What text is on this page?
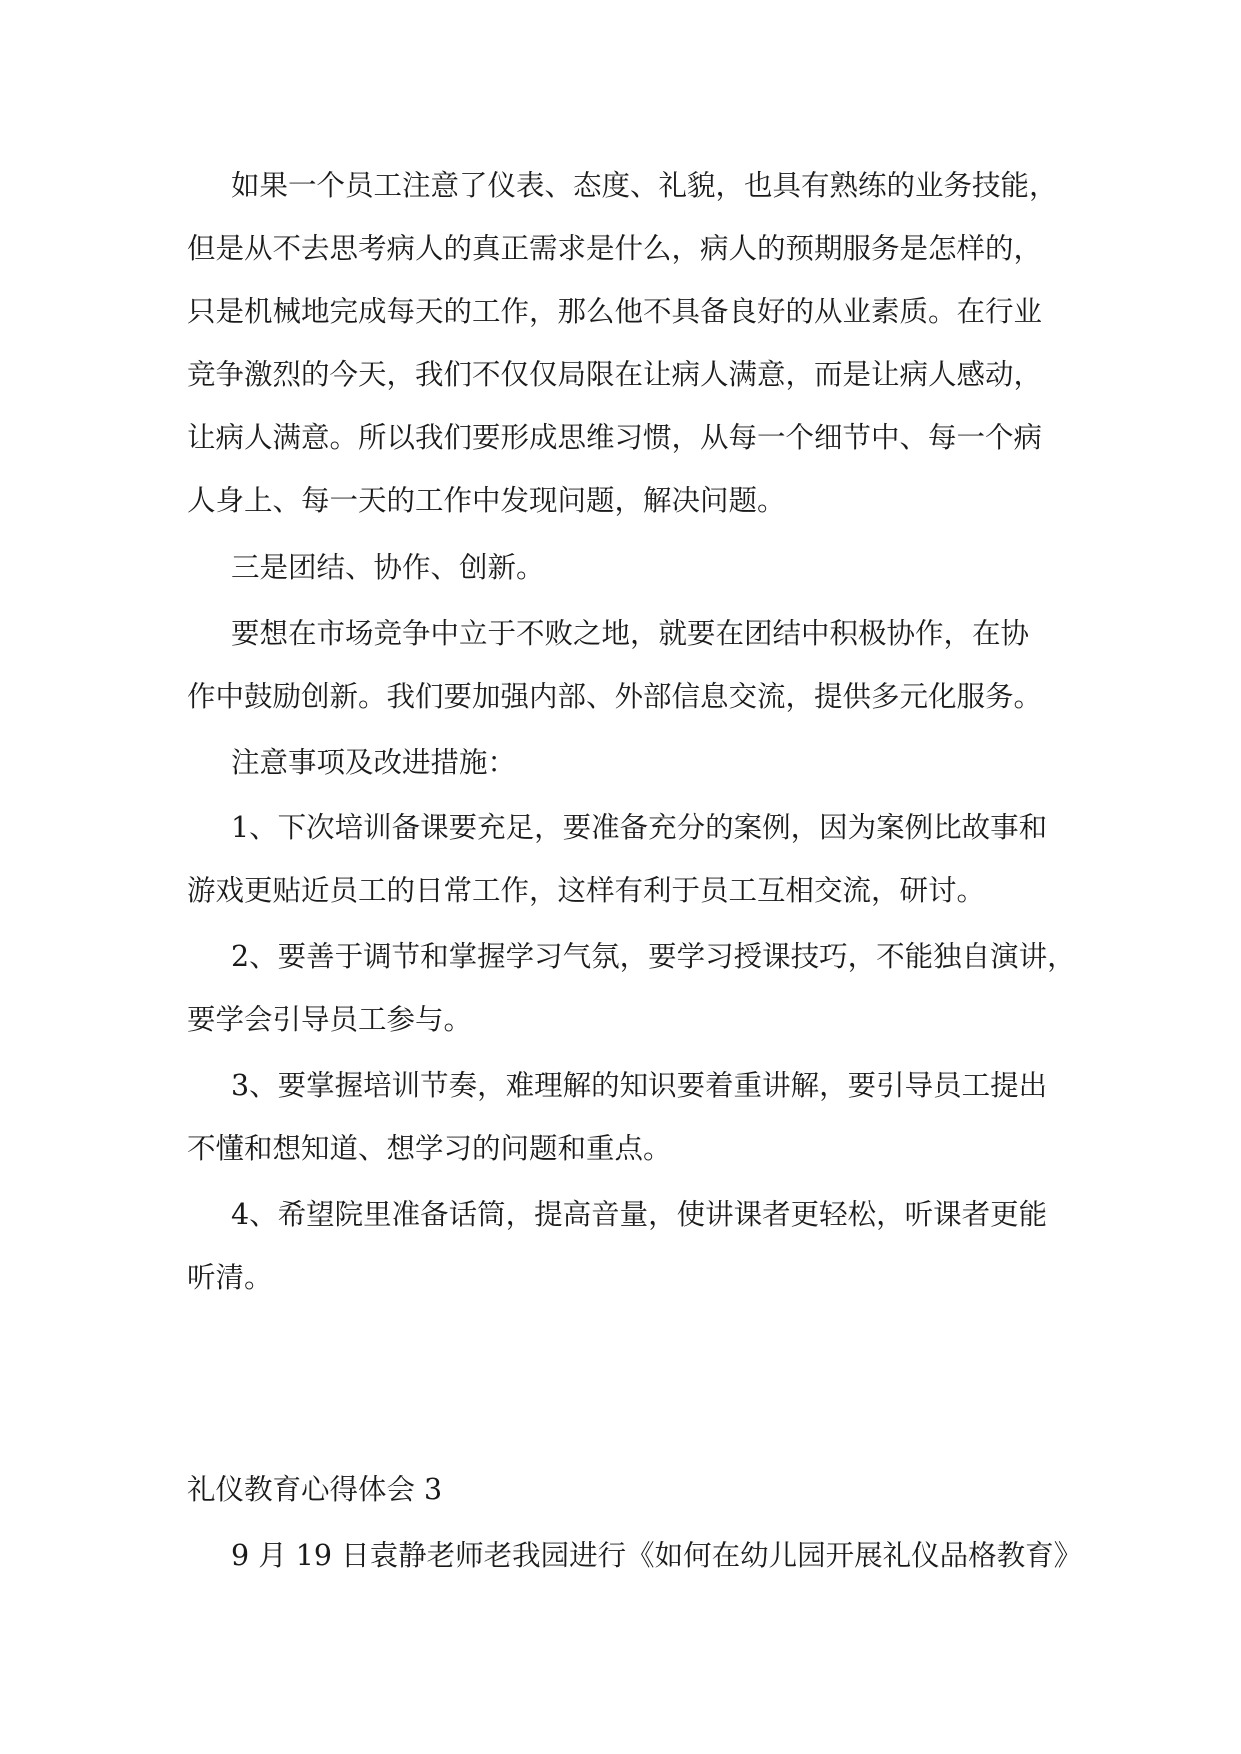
如果一个员工注意了仪表、态度、礼貌，也具有熟练的业务技能，
但是从不去思考病人的真正需求是什么，病人的预期服务是怎样的，
只是机械地完成每天的工作，那么他不具备良好的从业素质。在行业
竞争激烈的今天，我们不仅仅局限在让病人满意，而是让病人感动，
让病人满意。所以我们要形成思维习惯，从每一个细节中、每一个病
人身上、每一天的工作中发现问题，解决问题。
三是团结、协作、创新。
要想在市场竞争中立于不败之地，就要在团结中积极协作，在协
作中鼓励创新。我们要加强内部、外部信息交流，提供多元化服务。
注意事项及改进措施：
1、下次培训备课要充足，要准备充分的案例，因为案例比故事和
游戏更贴近员工的日常工作，这样有利于员工互相交流，研讨。
2、要善于调节和掌握学习气氛，要学习授课技巧，不能独自演讲，
要学会引导员工参与。
3、要掌握培训节奏，难理解的知识要着重讲解，要引导员工提出
不懂和想知道、想学习的问题和重点。
4、希望院里准备话筒，提高音量，使讲课者更轻松，听课者更能
听清。
礼仪教育心得体会 3
9 月 19 日袁静老师老我园进行《如何在幼儿园开展礼仪品格教育》
